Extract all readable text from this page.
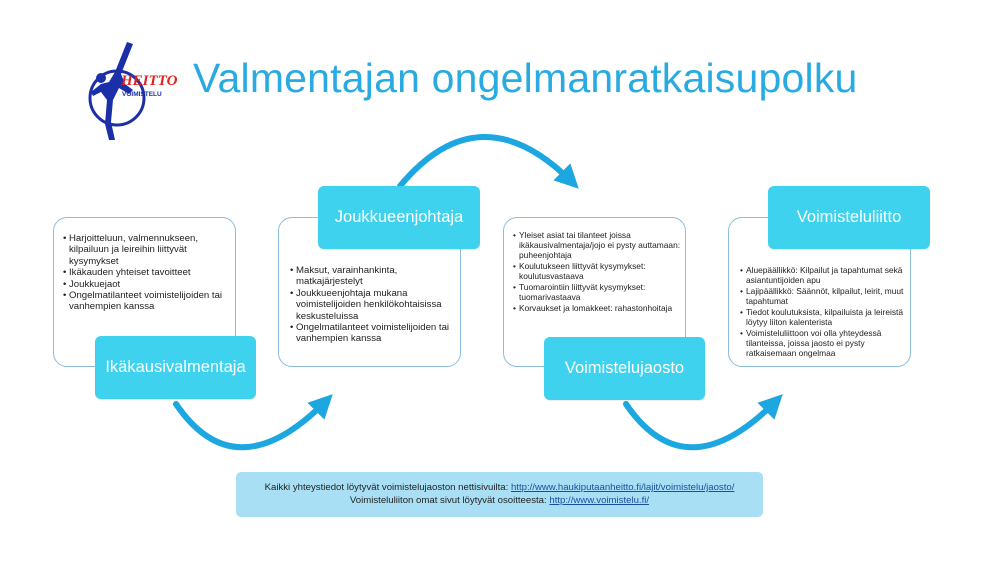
HEITTO
VOIMISTELU Valmentajan ongelmanratkaisupolku
• Harjoitteluun, valmennukseen, kilpailuun ja leireihin liittyvät kysymykset
• Ikäkauden yhteiset tavoitteet
• Joukkuejaot
• Ongelmatilanteet voimistelijoiden tai vanhempien kanssa
• Maksut, varainhankinta, matkajärjestelyt
• Joukkueenjohtaja mukana voimistelijoiden henkilökohtaisissa keskusteluissa
• Ongelmatilanteet voimistelijoiden tai vanhempien kanssa
• Yleiset asiat tai tilanteet joissa ikäkausivalmentaja/jojo ei pysty auttamaan: puheenjohtaja
• Koulutukseen liittyvät kysymykset: koulutusvastaava
• Tuomarointiin liittyvät kysymykset: tuomarivastaava
• Korvaukset ja lomakkeet: rahastonhoitaja
• Aluepäällikkö: Kilpailut ja tapahtumat sekä asiantuntijoiden apu
• Lajipäällikkö: Säännöt, kilpailut, leirit, muut tapahtumat
• Tiedot koulutuksista, kilpailuista ja leireistä löytyy liiton kalenterista
• Voimisteluliittoon voi olla yhteydessä tilanteissa, joissa jaosto ei pysty ratkaisemaan ongelmaa
Ikäkausivalmentaja
Joukkueenjohtaja
Voimistelujaosto
Voimisteluliitto
Kaikki yhteystiedot löytyvät voimistelujaoston nettisivuilta: http://www.haukiputaanheitto.fi/lajit/voimistelu/jaosto/
Voimisteluliiton omat sivut löytyvät osoitteesta: http://www.voimistelu.fi/
